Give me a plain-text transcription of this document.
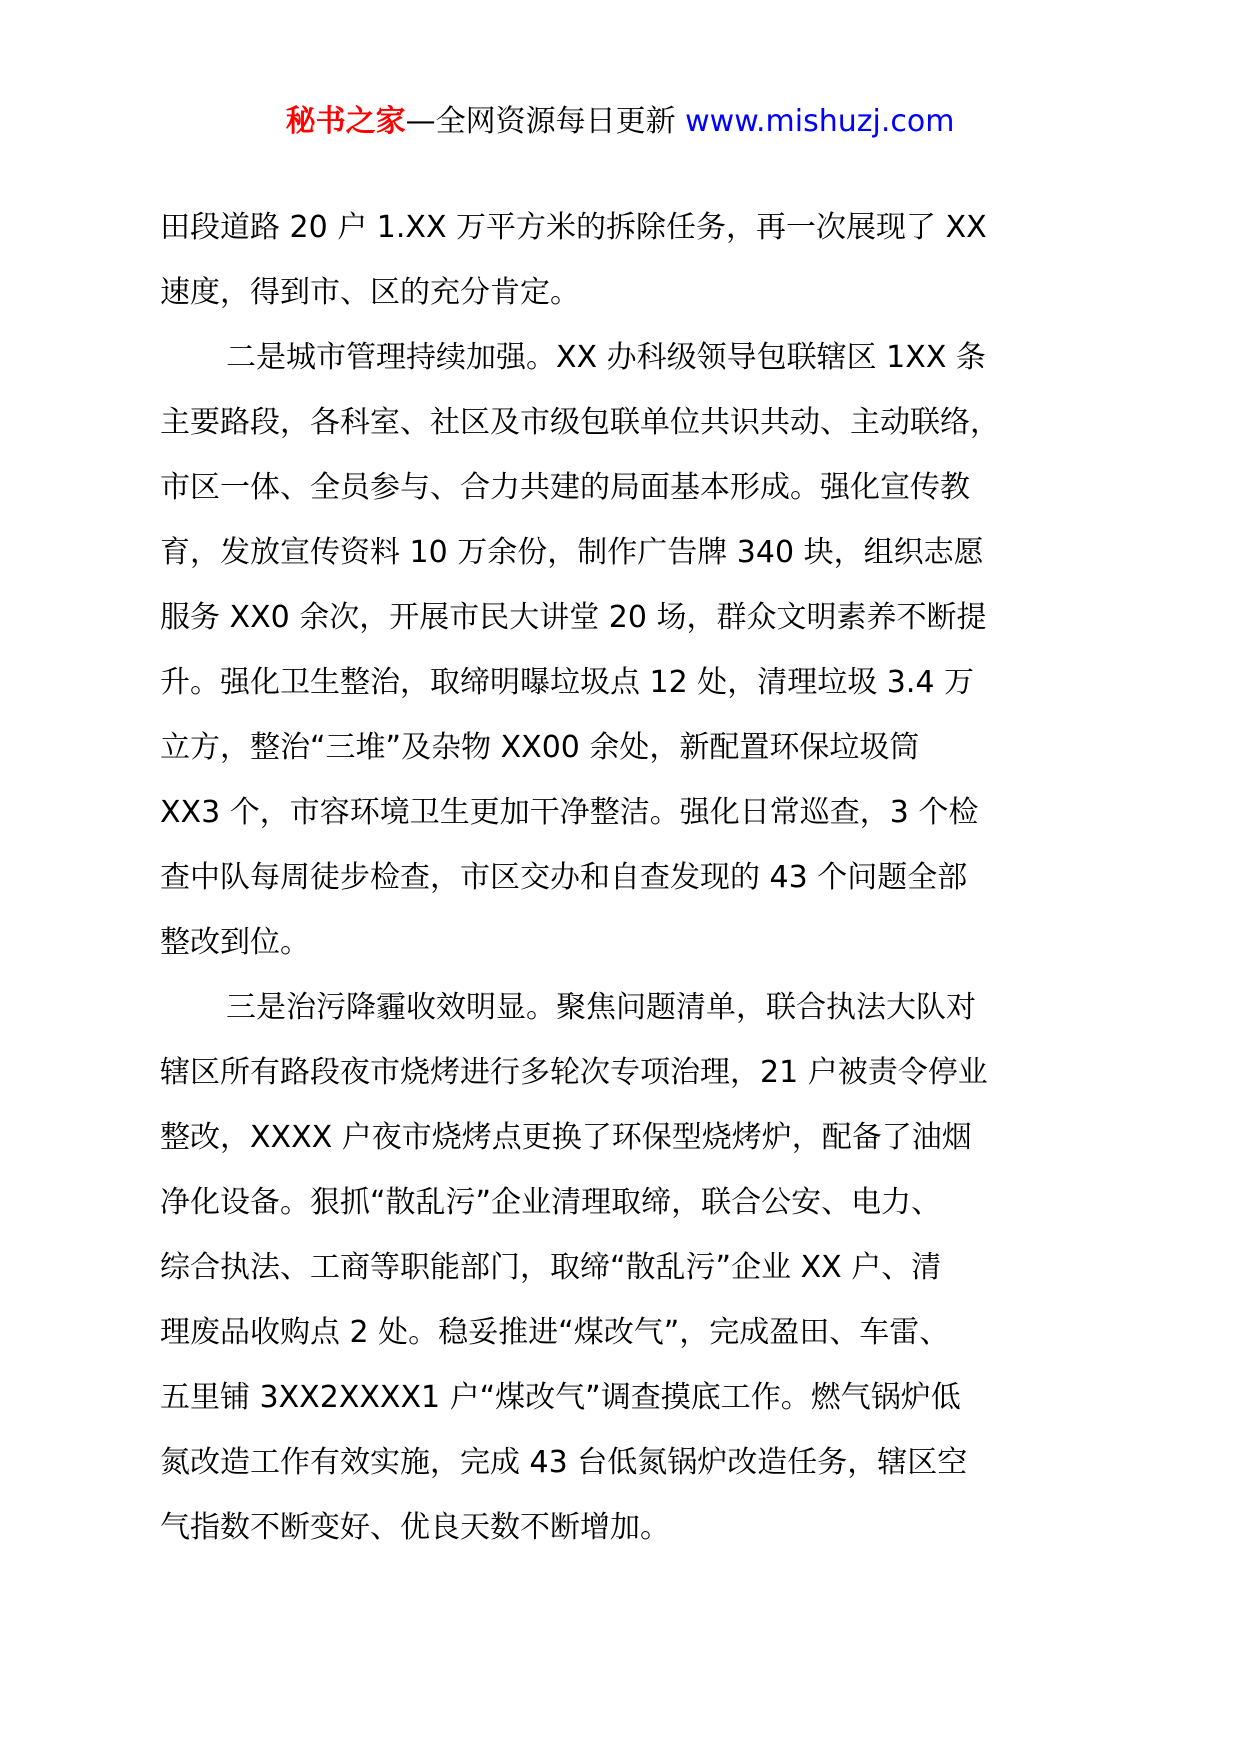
秘书之家—全网资源每日更新 www.mishuzj.com

田段道路 20 户 1.XX 万平方米的拆除任务，再一次展现了 XX
速度，得到市、区的充分肯定。

二是城市管理持续加强。XX 办科级领导包联辖区 1XX 条
主要路段，各科室、社区及市级包联单位共识共动、主动联络，
市区一体、全员参与、合力共建的局面基本形成。强化宣传教
育，发放宣传资料 10 万余份，制作广告牌 340 块，组织志愿
服务 XX0 余次，开展市民大讲堂 20 场，群众文明素养不断提
升。强化卫生整治，取缔明曝垃圾点 12 处，清理垃圾 3.4 万
立方，整治“三堆”及杂物 XX00 余处，新配置环保垃圾筒
XX3 个，市容环境卫生更加干净整洁。强化日常巡查，3 个检
查中队每周徒步检查，市区交办和自查发现的 43 个问题全部
整改到位。

三是治污降霾收效明显。聚焦问题清单，联合执法大队对
辖区所有路段夜市烧烤进行多轮次专项治理，21 户被责令停业
整改，XXXX 户夜市烧烤点更换了环保型烧烤炉，配备了油烟
净化设备。狠抓“散乱污”企业清理取缔，联合公安、电力、
综合执法、工商等职能部门，取缔“散乱污”企业 XX 户、清
理废品收购点 2 处。稳妥推进“煤改气”，完成盈田、车雷、
五里铺 3XX2XXXX1 户“煤改气”调查摸底工作。燃气锅炉低
氮改造工作有效实施，完成 43 台低氮锅炉改造任务，辖区空
气指数不断变好、优良天数不断增加。
